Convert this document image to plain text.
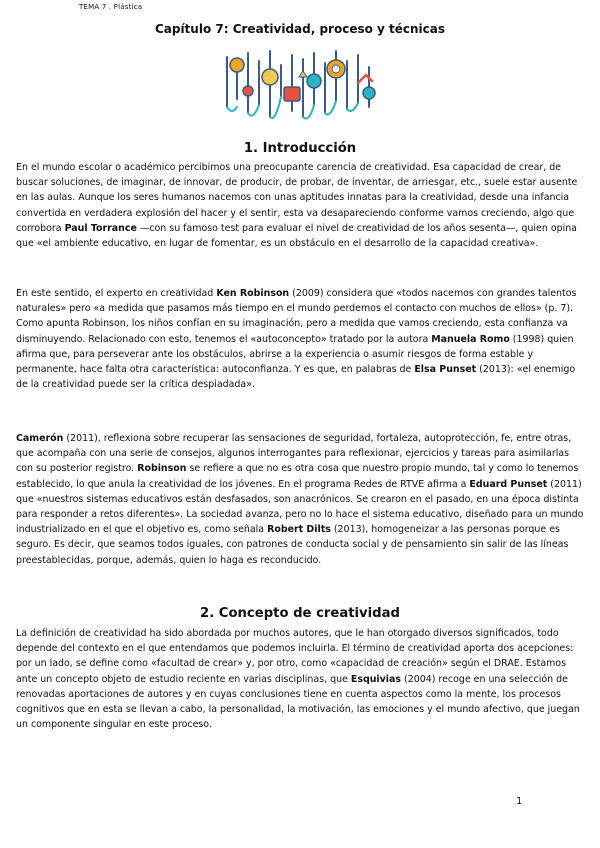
TEMA 7 . Plástica
Capítulo 7: Creatividad, proceso y técnicas
1. Introducción

En el mundo escolar o académico percibimos una preocupante carencia de creatividad. Esa capacidad de crear, de buscar soluciones, de imaginar, de innovar, de producir, de probar, de inventar, de arriesgar, etc., suele estar ausente en las aulas. Aunque los seres humanos nacemos con unas aptitudes innatas para la creatividad, desde una infancia convertida en verdadera explosión del hacer y el sentir, esta va desapareciendo conforme vamos creciendo, algo que corrobora Paul Torrance —con su famoso test para evaluar el nivel de creatividad de los años sesenta—, quien opina que «el ambiente educativo, en lugar de fomentar, es un obstáculo en el desarrollo de la capacidad creativa».

En este sentido, el experto en creatividad Ken Robinson (2009) considera que «todos nacemos con grandes talentos naturales» pero «a medida que pasamos más tiempo en el mundo perdemos el contacto con muchos de ellos» (p. 7). Como apunta Robinson, los niños confían en su imaginación, pero a medida que vamos creciendo, esta confianza va disminuyendo. Relacionado con esto, tenemos el «autoconcepto» tratado por la autora Manuela Romo (1998) quien afirma que, para perseverar ante los obstáculos, abrirse a la experiencia o asumir riesgos de forma estable y permanente, hace falta otra característica: autoconfianza. Y es que, en palabras de Elsa Punset (2013): «el enemigo de la creatividad puede ser la crítica despiadada».

Camerón (2011), reflexiona sobre recuperar las sensaciones de seguridad, fortaleza, autoprotección, fe, entre otras, que acompaña con una serie de consejos, algunos interrogantes para reflexionar, ejercicios y tareas para asimilarlas con su posterior registro. Robinson se refiere a que no es otra cosa que nuestro propio mundo, tal y como lo tenemos establecido, lo que anula la creatividad de los jóvenes. En el programa Redes de RTVE afirma a Eduard Punset (2011) que «nuestros sistemas educativos están desfasados, son anacrónicos. Se crearon en el pasado, en una época distinta para responder a retos diferentes». La sociedad avanza, pero no lo hace el sistema educativo, diseñado para un mundo industrializado en el que el objetivo es, como señala Robert Dilts (2013), homogeneizar a las personas porque es seguro. Es decir, que seamos todos iguales, con patrones de conducta social y de pensamiento sin salir de las líneas preestablecidas, porque, además, quien lo haga es reconducido.

2. Concepto de creatividad

La definición de creatividad ha sido abordada por muchos autores, que le han otorgado diversos significados, todo depende del contexto en el que entendamos que podemos incluirla. El término de creatividad aporta dos acepciones: por un lado, se define como «facultad de crear» y, por otro, como «capacidad de creación» según el DRAE. Estamos ante un concepto objeto de estudio reciente en varias disciplinas, que Esquivias (2004) recoge en una selección de renovadas aportaciones de autores y en cuyas conclusiones tiene en cuenta aspectos como la mente, los procesos cognitivos que en esta se llevan a cabo, la personalidad, la motivación, las emociones y el mundo afectivo, que juegan un componente singular en este proceso.

1
